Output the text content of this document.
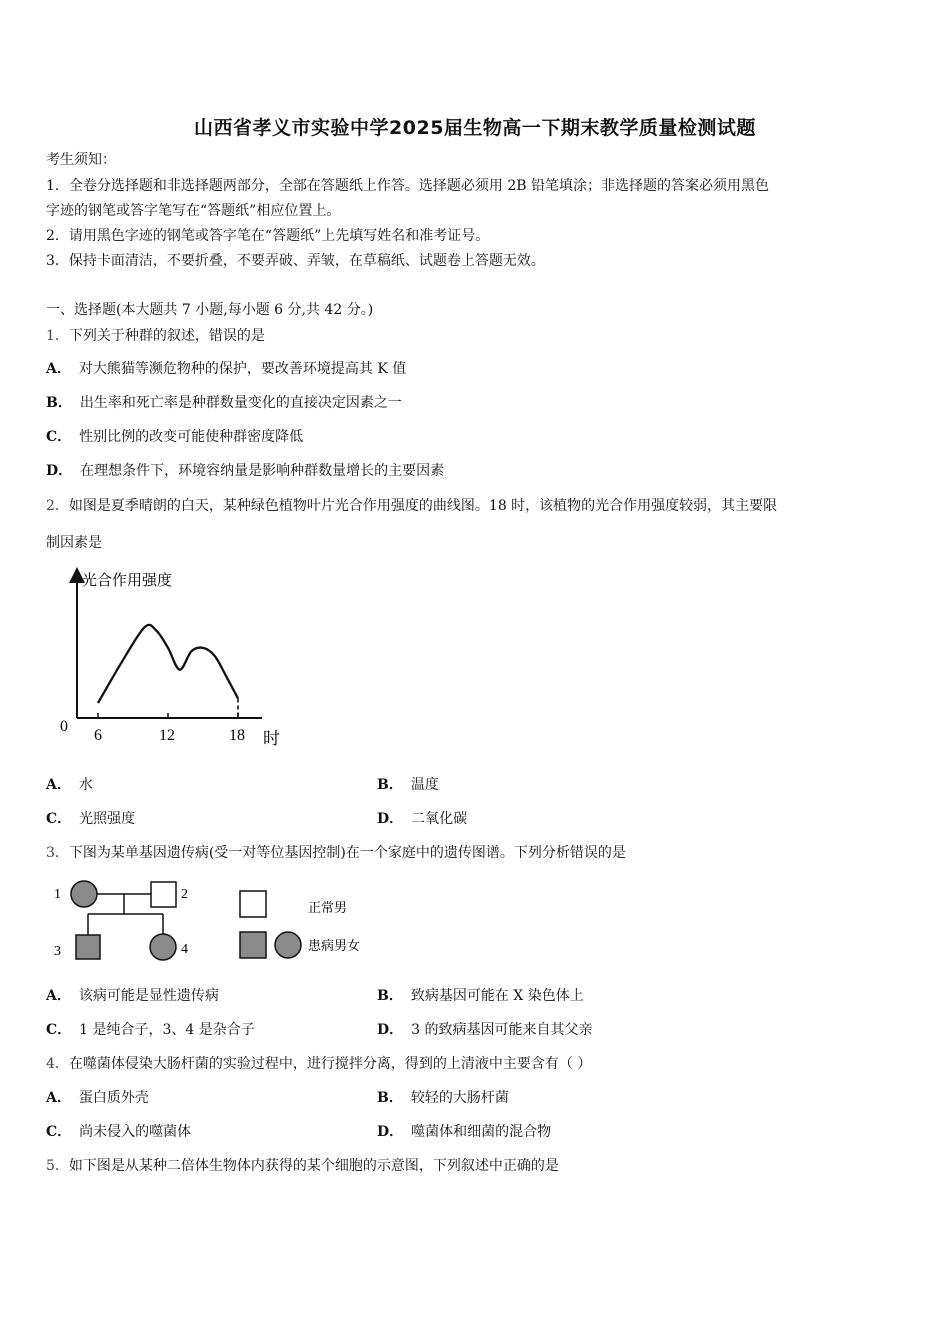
山西省孝义市实验中学2025届生物高一下期末教学质量检测试题
考生须知：
1．全卷分选择题和非选择题两部分，全部在答题纸上作答。选择题必须用 2B 铅笔填涂；非选择题的答案必须用黑色
字迹的钢笔或答字笔写在“答题纸”相应位置上。
2．请用黑色字迹的钢笔或答字笔在“答题纸”上先填写姓名和准考证号。
3．保持卡面清洁，不要折叠，不要弄破、弄皱，在草稿纸、试题卷上答题无效。
一、选择题(本大题共 7 小题,每小题 6 分,共 42 分。)
1．下列关于种群的叙述，错误的是
A． 对大熊猫等濒危物种的保护，要改善环境提高其 K 值
B． 出生率和死亡率是种群数量变化的直接决定因素之一
C． 性别比例的改变可能使种群密度降低
D． 在理想条件下，环境容纳量是影响种群数量增长的主要因素
2．如图是夏季晴朗的白天，某种绿色植物叶片光合作用强度的曲线图。18 时，该植物的光合作用强度较弱，其主要限
制因素是
光合作用强度
0
时
6	12	18
A． 水	B． 温度
C． 光照强度	D． 二氧化碳
3．下图为某单基因遗传病(受一对等位基因控制)在一个家庭中的遗传图谱。下列分析错误的是
1	2
3	4
正常男
患病男女
A． 该病可能是显性遗传病	B． 致病基因可能在 X 染色体上
C． 1 是纯合子，3、4 是杂合子	D． 3 的致病基因可能来自其父亲
4．在噬菌体侵染大肠杆菌的实验过程中，进行搅拌分离，得到的上清液中主要含有（ ）
A． 蛋白质外壳	B． 较轻的大肠杆菌
C． 尚未侵入的噬菌体	D． 噬菌体和细菌的混合物
5．如下图是从某种二倍体生物体内获得的某个细胞的示意图，下列叙述中正确的是
